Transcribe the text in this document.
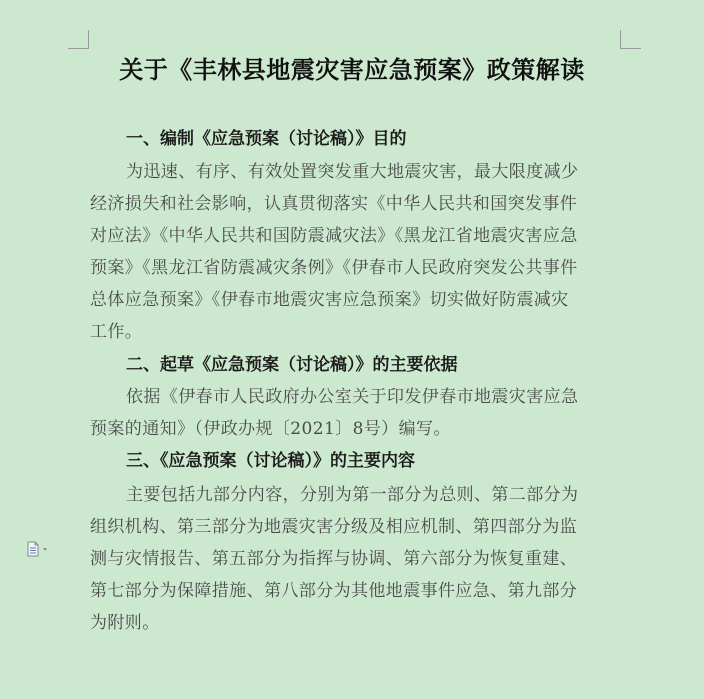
关于《丰林县地震灾害应急预案》政策解读
一、编制《应急预案（讨论稿）》目的
为迅速、有序、有效处置突发重大地震灾害，最大限度减少
经济损失和社会影响，认真贯彻落实《中华人民共和国突发事件
对应法》《中华人民共和国防震减灾法》《黑龙江省地震灾害应急
预案》《黑龙江省防震减灾条例》《伊春市人民政府突发公共事件
总体应急预案》《伊春市地震灾害应急预案》切实做好防震减灾
工作。
二、起草《应急预案（讨论稿）》的主要依据
依据《伊春市人民政府办公室关于印发伊春市地震灾害应急
预案的通知》（伊政办规〔2021〕8号）编写。
三、《应急预案（讨论稿）》的主要内容
主要包括九部分内容，分别为第一部分为总则、第二部分为
组织机构、第三部分为地震灾害分级及相应机制、第四部分为监
测与灾情报告、第五部分为指挥与协调、第六部分为恢复重建、
第七部分为保障措施、第八部分为其他地震事件应急、第九部分
为附则。
